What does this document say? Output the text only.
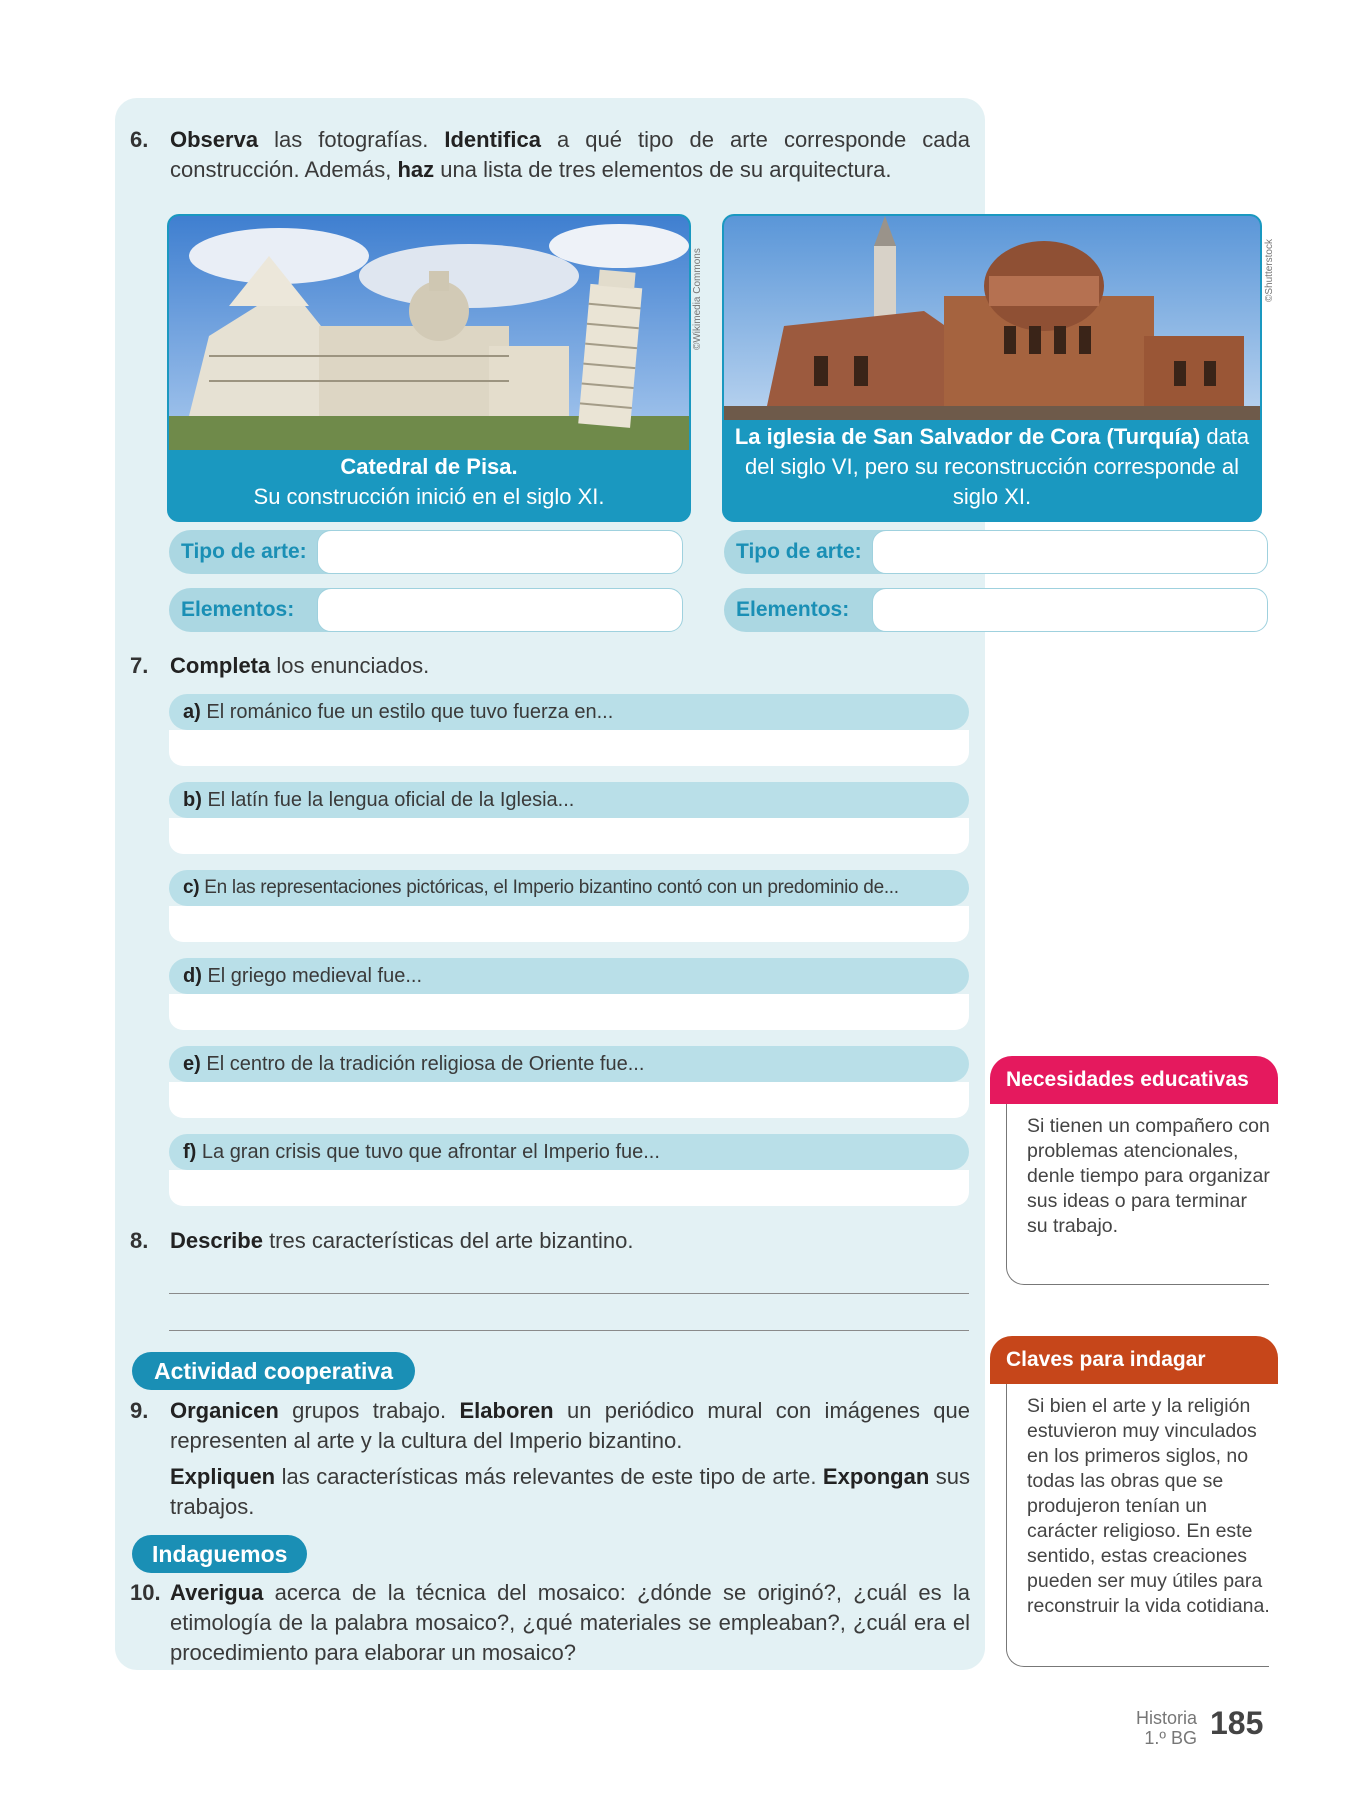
6. Observa las fotografías. Identifica a qué tipo de arte corresponde cada construcción. Además, haz una lista de tres elementos de su arquitectura.
Catedral de Pisa.
Su construcción inició en el siglo XI.
©Wikimedia Commons
La iglesia de San Salvador de Cora (Turquía) data del siglo VI, pero su reconstrucción corresponde al siglo XI.
©Shutterstock
Tipo de arte:
Elementos:
Tipo de arte:
Elementos:
7. Completa los enunciados.
a) El románico fue un estilo que tuvo fuerza en...
b) El latín fue la lengua oficial de la Iglesia...
c) En las representaciones pictóricas, el Imperio bizantino contó con un predominio de...
d) El griego medieval fue...
e) El centro de la tradición religiosa de Oriente fue...
f) La gran crisis que tuvo que afrontar el Imperio fue...
8. Describe tres características del arte bizantino.
Actividad cooperativa
9. Organicen grupos trabajo. Elaboren un periódico mural con imágenes que representen al arte y la cultura del Imperio bizantino.
Expliquen las características más relevantes de este tipo de arte. Expongan sus trabajos.
Indaguemos
10. Averigua acerca de la técnica del mosaico: ¿dónde se originó?, ¿cuál es la etimología de la palabra mosaico?, ¿qué materiales se empleaban?, ¿cuál era el procedimiento para elaborar un mosaico?
Necesidades educativas
Si tienen un compañero con problemas atencionales, denle tiempo para organizar sus ideas o para terminar su trabajo.
Claves para indagar
Si bien el arte y la religión estuvieron muy vinculados en los primeros siglos, no todas las obras que se produjeron tenían un carácter religioso. En este sentido, estas creaciones pueden ser muy útiles para reconstruir la vida cotidiana.
Historia
1.º BG 185
